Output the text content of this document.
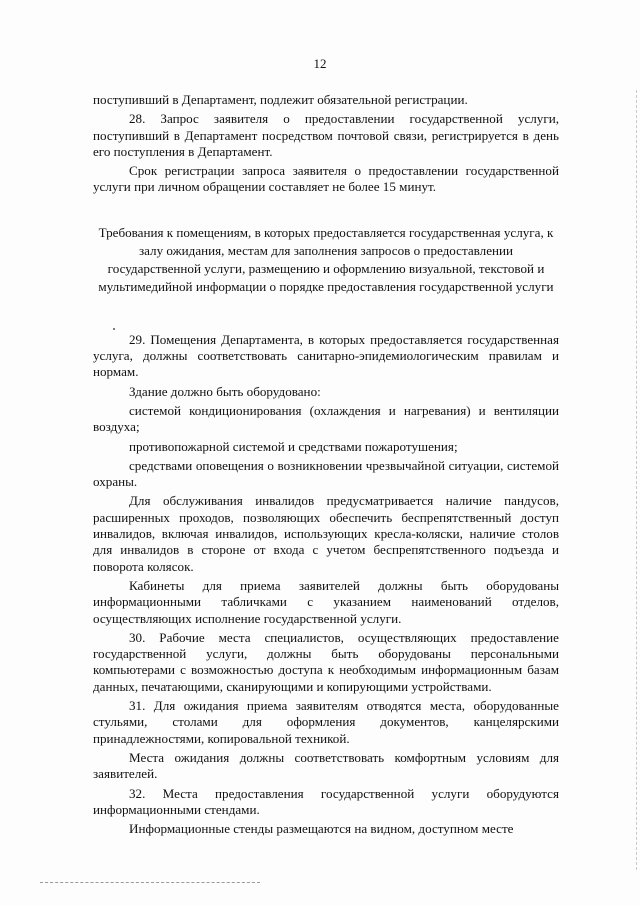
12

поступивший в Департамент, подлежит обязательной регистрации.

28. Запрос заявителя о предоставлении государственной услуги, поступивший в Департамент посредством почтовой связи, регистрируется в день его поступления в Департамент.

Срок регистрации запроса заявителя о предоставлении государственной услуги при личном обращении составляет не более 15 минут.

Требования к помещениям, в которых предоставляется государственная услуга, к залу ожидания, местам для заполнения запросов о предоставлении государственной услуги, размещению и оформлению визуальной, текстовой и мультимедийной информации о порядке предоставления государственной услуги

29. Помещения Департамента, в которых предоставляется государственная услуга, должны соответствовать санитарно-эпидемиологическим правилам и нормам.

Здание должно быть оборудовано:

системой кондиционирования (охлаждения и нагревания) и вентиляции воздуха;

противопожарной системой и средствами пожаротушения;

средствами оповещения о возникновении чрезвычайной ситуации, системой охраны.

Для обслуживания инвалидов предусматривается наличие пандусов, расширенных проходов, позволяющих обеспечить беспрепятственный доступ инвалидов, включая инвалидов, использующих кресла-коляски, наличие столов для инвалидов в стороне от входа с учетом беспрепятственного подъезда и поворота колясок.

Кабинеты для приема заявителей должны быть оборудованы информационными табличками с указанием наименований отделов, осуществляющих исполнение государственной услуги.

30. Рабочие места специалистов, осуществляющих предоставление государственной услуги, должны быть оборудованы персональными компьютерами с возможностью доступа к необходимым информационным базам данных, печатающими, сканирующими и копирующими устройствами.

31. Для ожидания приема заявителям отводятся места, оборудованные стульями, столами для оформления документов, канцелярскими принадлежностями, копировальной техникой.

Места ожидания должны соответствовать комфортным условиям для заявителей.

32. Места предоставления государственной услуги оборудуются информационными стендами.

Информационные стенды размещаются на видном, доступном месте
